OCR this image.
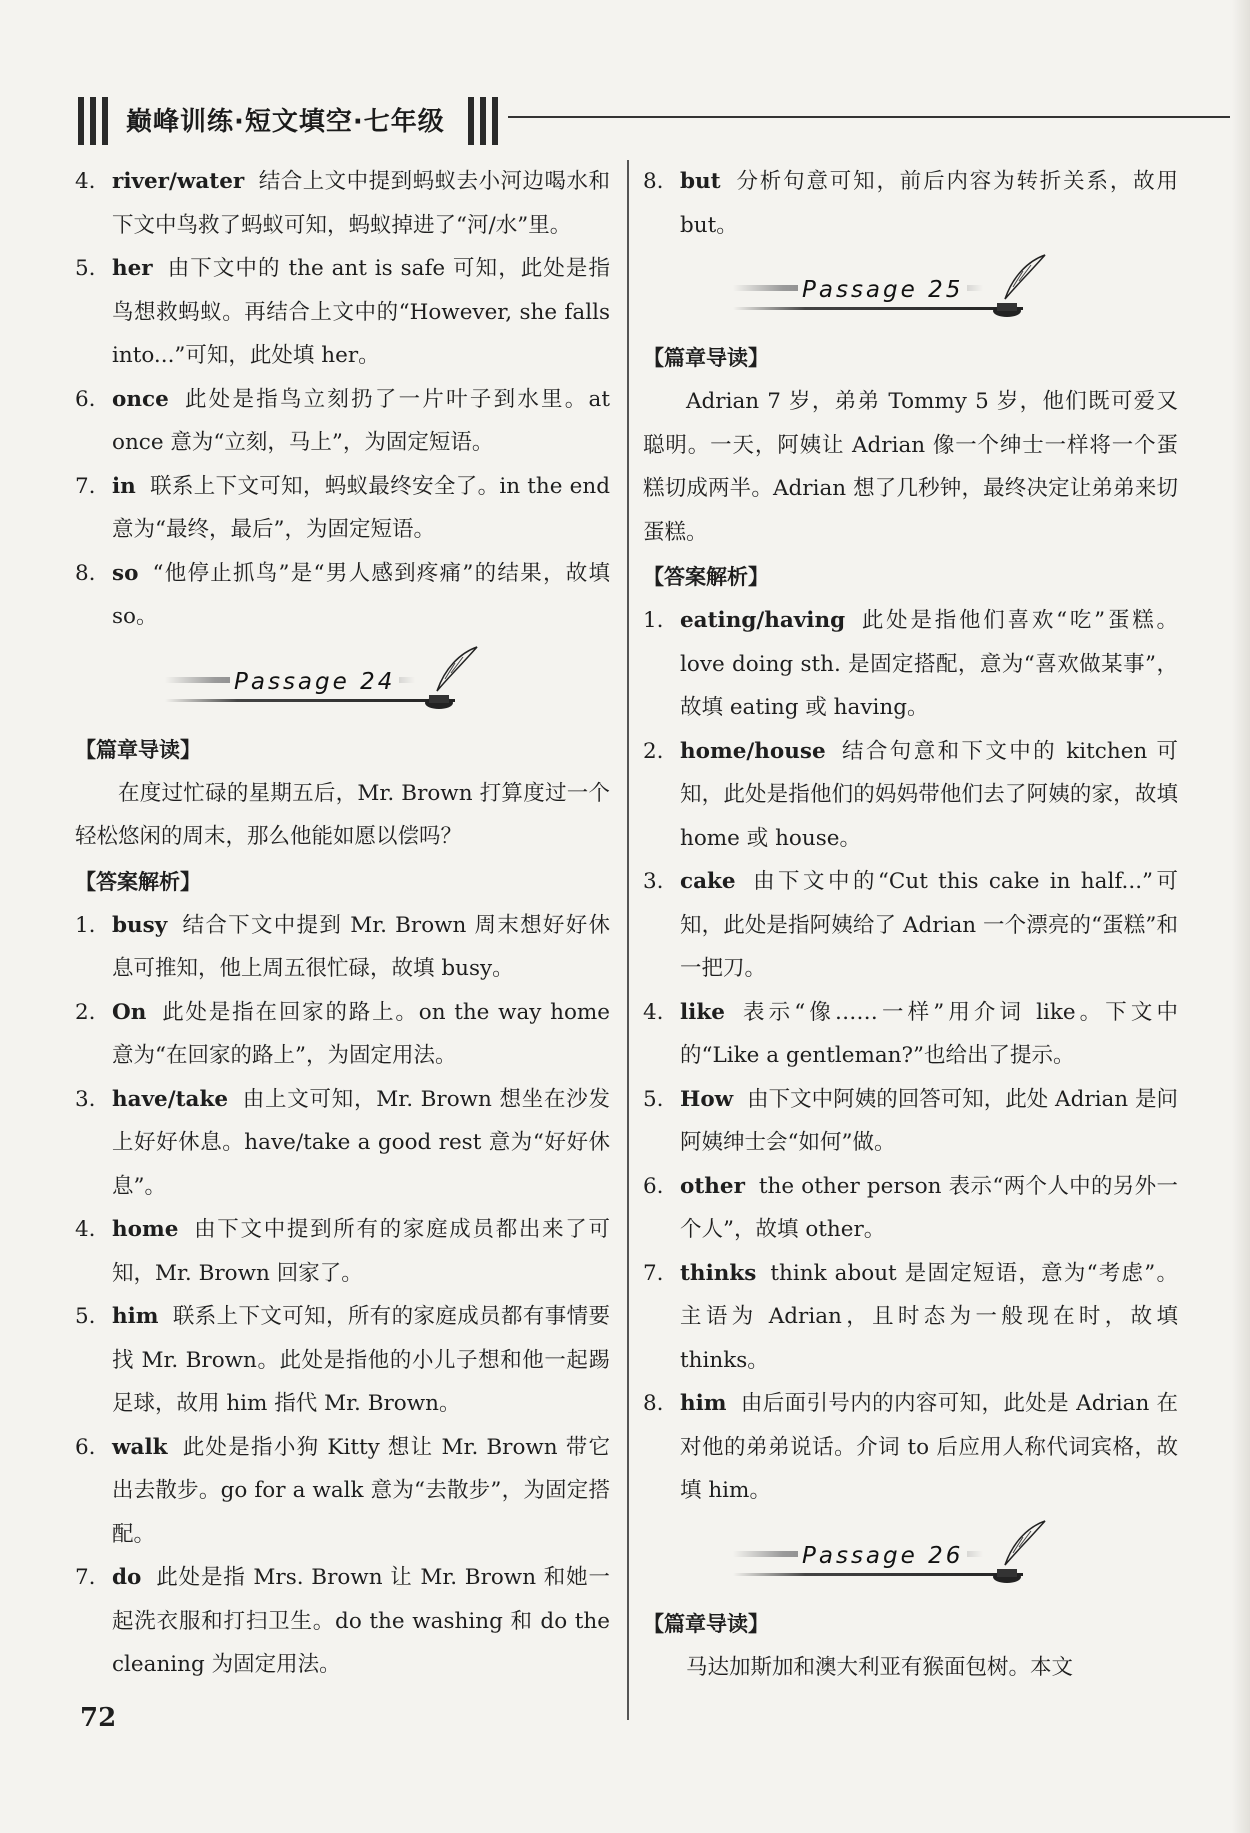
巅峰训练·短文填空·七年级
4. river/water 结合上文中提到蚂蚁去小河边喝水和下文中鸟救了蚂蚁可知，蚂蚁掉进了“河/水”里。
5. her 由下文中的 the ant is safe 可知，此处是指鸟想救蚂蚁。再结合上文中的“However, she falls into...”可知，此处填 her。
6. once 此处是指鸟立刻扔了一片叶子到水里。at once 意为“立刻，马上”，为固定短语。
7. in 联系上下文可知，蚂蚁最终安全了。in the end 意为“最终，最后”，为固定短语。
8. so “他停止抓鸟”是“男人感到疼痛”的结果，故填 so。
Passage 24
【篇章导读】
在度过忙碌的星期五后，Mr. Brown 打算度过一个轻松悠闲的周末，那么他能如愿以偿吗？
【答案解析】
1. busy 结合下文中提到 Mr. Brown 周末想好好休息可推知，他上周五很忙碌，故填 busy。
2. On 此处是指在回家的路上。on the way home 意为“在回家的路上”，为固定用法。
3. have/take 由上文可知，Mr. Brown 想坐在沙发上好好休息。have/take a good rest 意为“好好休息”。
4. home 由下文中提到所有的家庭成员都出来了可知，Mr. Brown 回家了。
5. him 联系上下文可知，所有的家庭成员都有事情要找 Mr. Brown。此处是指他的小儿子想和他一起踢足球，故用 him 指代 Mr. Brown。
6. walk 此处是指小狗 Kitty 想让 Mr. Brown 带它出去散步。go for a walk 意为“去散步”，为固定搭配。
7. do 此处是指 Mrs. Brown 让 Mr. Brown 和她一起洗衣服和打扫卫生。do the washing 和 do the cleaning 为固定用法。
8. but 分析句意可知，前后内容为转折关系，故用 but。
Passage 25
【篇章导读】
Adrian 7 岁，弟弟 Tommy 5 岁，他们既可爱又聪明。一天，阿姨让 Adrian 像一个绅士一样将一个蛋糕切成两半。Adrian 想了几秒钟，最终决定让弟弟来切蛋糕。
【答案解析】
1. eating/having 此处是指他们喜欢“吃”蛋糕。love doing sth. 是固定搭配，意为“喜欢做某事”，故填 eating 或 having。
2. home/house 结合句意和下文中的 kitchen 可知，此处是指他们的妈妈带他们去了阿姨的家，故填 home 或 house。
3. cake 由下文中的“Cut this cake in half...”可知，此处是指阿姨给了 Adrian 一个漂亮的“蛋糕”和一把刀。
4. like 表示“像……一样”用介词 like。下文中的“Like a gentleman?”也给出了提示。
5. How 由下文中阿姨的回答可知，此处 Adrian 是问阿姨绅士会“如何”做。
6. other the other person 表示“两个人中的另外一个人”，故填 other。
7. thinks think about 是固定短语，意为“考虑”。主语为 Adrian，且时态为一般现在时，故填 thinks。
8. him 由后面引号内的内容可知，此处是 Adrian 在对他的弟弟说话。介词 to 后应用人称代词宾格，故填 him。
Passage 26
【篇章导读】
马达加斯加和澳大利亚有猴面包树。本文
72
